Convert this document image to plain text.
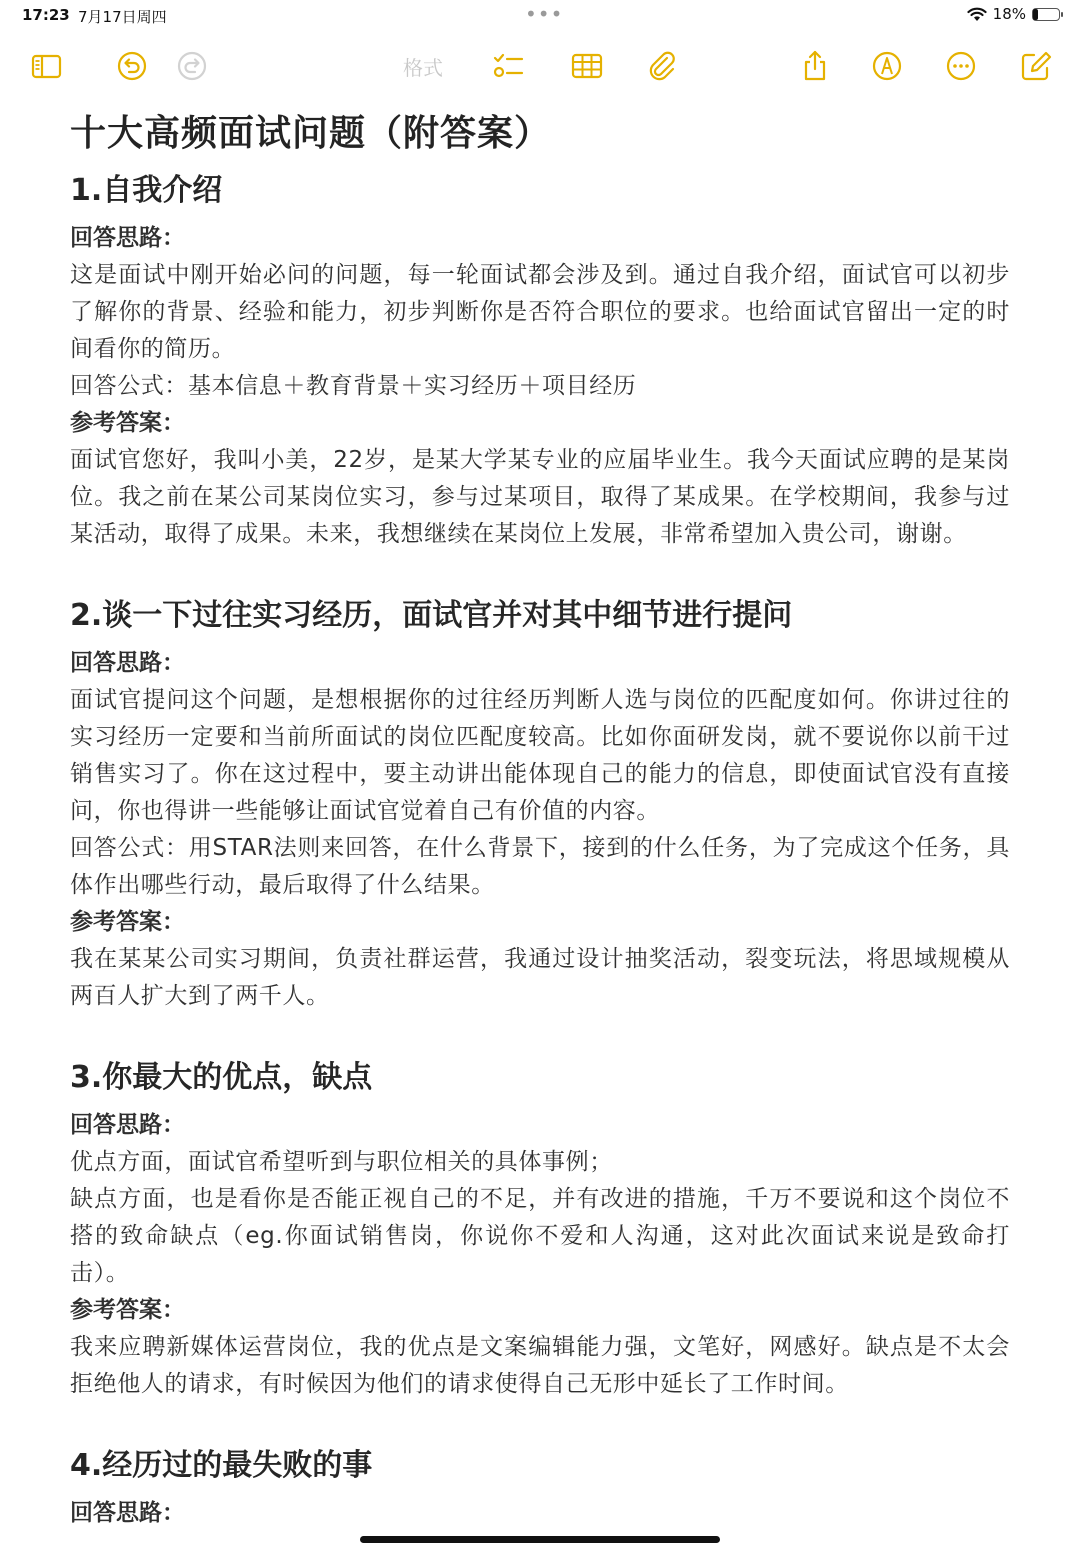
17:23 7月17日周四	•••	18%
格式
十大高频面试问题（附答案）
1.自我介绍
回答思路：
这是面试中刚开始必问的问题，每一轮面试都会涉及到。通过自我介绍，面试官可以初步了解你的背景、经验和能力，初步判断你是否符合职位的要求。也给面试官留出一定的时间看你的简历。
回答公式：基本信息＋教育背景＋实习经历＋项目经历
参考答案：
面试官您好，我叫小美，22岁，是某大学某专业的应届毕业生。我今天面试应聘的是某岗位。我之前在某公司某岗位实习，参与过某项目，取得了某成果。在学校期间，我参与过某活动，取得了成果。未来，我想继续在某岗位上发展，非常希望加入贵公司，谢谢。
2.谈一下过往实习经历，面试官并对其中细节进行提问
回答思路：
面试官提问这个问题，是想根据你的过往经历判断人选与岗位的匹配度如何。你讲过往的实习经历一定要和当前所面试的岗位匹配度较高。比如你面研发岗，就不要说你以前干过销售实习了。你在这过程中，要主动讲出能体现自己的能力的信息，即使面试官没有直接问，你也得讲一些能够让面试官觉着自己有价值的内容。
回答公式：用STAR法则来回答，在什么背景下，接到的什么任务，为了完成这个任务，具体作出哪些行动，最后取得了什么结果。
参考答案：
我在某某公司实习期间，负责社群运营，我通过设计抽奖活动，裂变玩法，将思域规模从两百人扩大到了两千人。
3.你最大的优点，缺点
回答思路：
优点方面，面试官希望听到与职位相关的具体事例；
缺点方面，也是看你是否能正视自己的不足，并有改进的措施，千万不要说和这个岗位不搭的致命缺点（eg.你面试销售岗，你说你不爱和人沟通，这对此次面试来说是致命打击）。
参考答案：
我来应聘新媒体运营岗位，我的优点是文案编辑能力强，文笔好，网感好。缺点是不太会拒绝他人的请求，有时候因为他们的请求使得自己无形中延长了工作时间。
4.经历过的最失败的事
回答思路：
